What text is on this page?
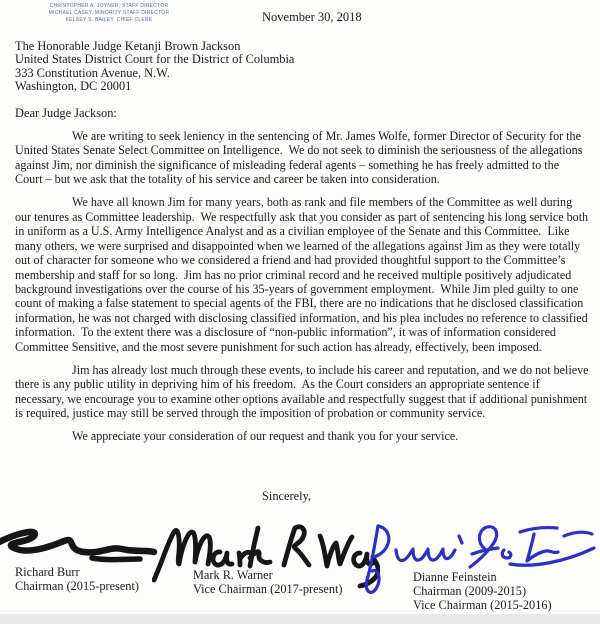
CHRISTOPHER A. JOYNER, STAFF DIRECTOR
MICHAEL CASEY, MINORITY STAFF DIRECTOR
KELSEY S. BAILEY, CHIEF CLERK	November 30, 2018
The Honorable Judge Ketanji Brown Jackson
United States District Court for the District of Columbia
333 Constitution Avenue, N.W.
Washington, DC 20001
Dear Judge Jackson:

We are writing to seek leniency in the sentencing of Mr. James Wolfe, former Director of Security for the United States Senate Select Committee on Intelligence.  We do not seek to diminish the seriousness of the allegations against Jim, nor diminish the significance of misleading federal agents – something he has freely admitted to the Court – but we ask that the totality of his service and career be taken into consideration.

We have all known Jim for many years, both as rank and file members of the Committee as well during our tenures as Committee leadership.  We respectfully ask that you consider as part of sentencing his long service both in uniform as a U.S. Army Intelligence Analyst and as a civilian employee of the Senate and this Committee.  Like many others, we were surprised and disappointed when we learned of the allegations against Jim as they were totally out of character for someone who we considered a friend and had provided thoughtful support to the Committee’s membership and staff for so long.  Jim has no prior criminal record and he received multiple positively adjudicated background investigations over the course of his 35-years of government employment.  While Jim pled guilty to one count of making a false statement to special agents of the FBI, there are no indications that he disclosed classification information, he was not charged with disclosing classified information, and his plea includes no reference to classified information.  To the extent there was a disclosure of “non-public information”, it was of information considered Committee Sensitive, and the most severe punishment for such action has already, effectively, been imposed.

Jim has already lost much through these events, to include his career and reputation, and we do not believe there is any public utility in depriving him of his freedom.  As the Court considers an appropriate sentence if necessary, we encourage you to examine other options available and respectfully suggest that if additional punishment is required, justice may still be served through the imposition of probation or community service.

We appreciate your consideration of our request and thank you for your service.

Sincerely,
Richard Burr
Chairman (2015-present)
Mark R. Warner
Vice Chairman (2017-present)
Dianne Feinstein
Chairman (2009-2015)
Vice Chairman (2015-2016)
